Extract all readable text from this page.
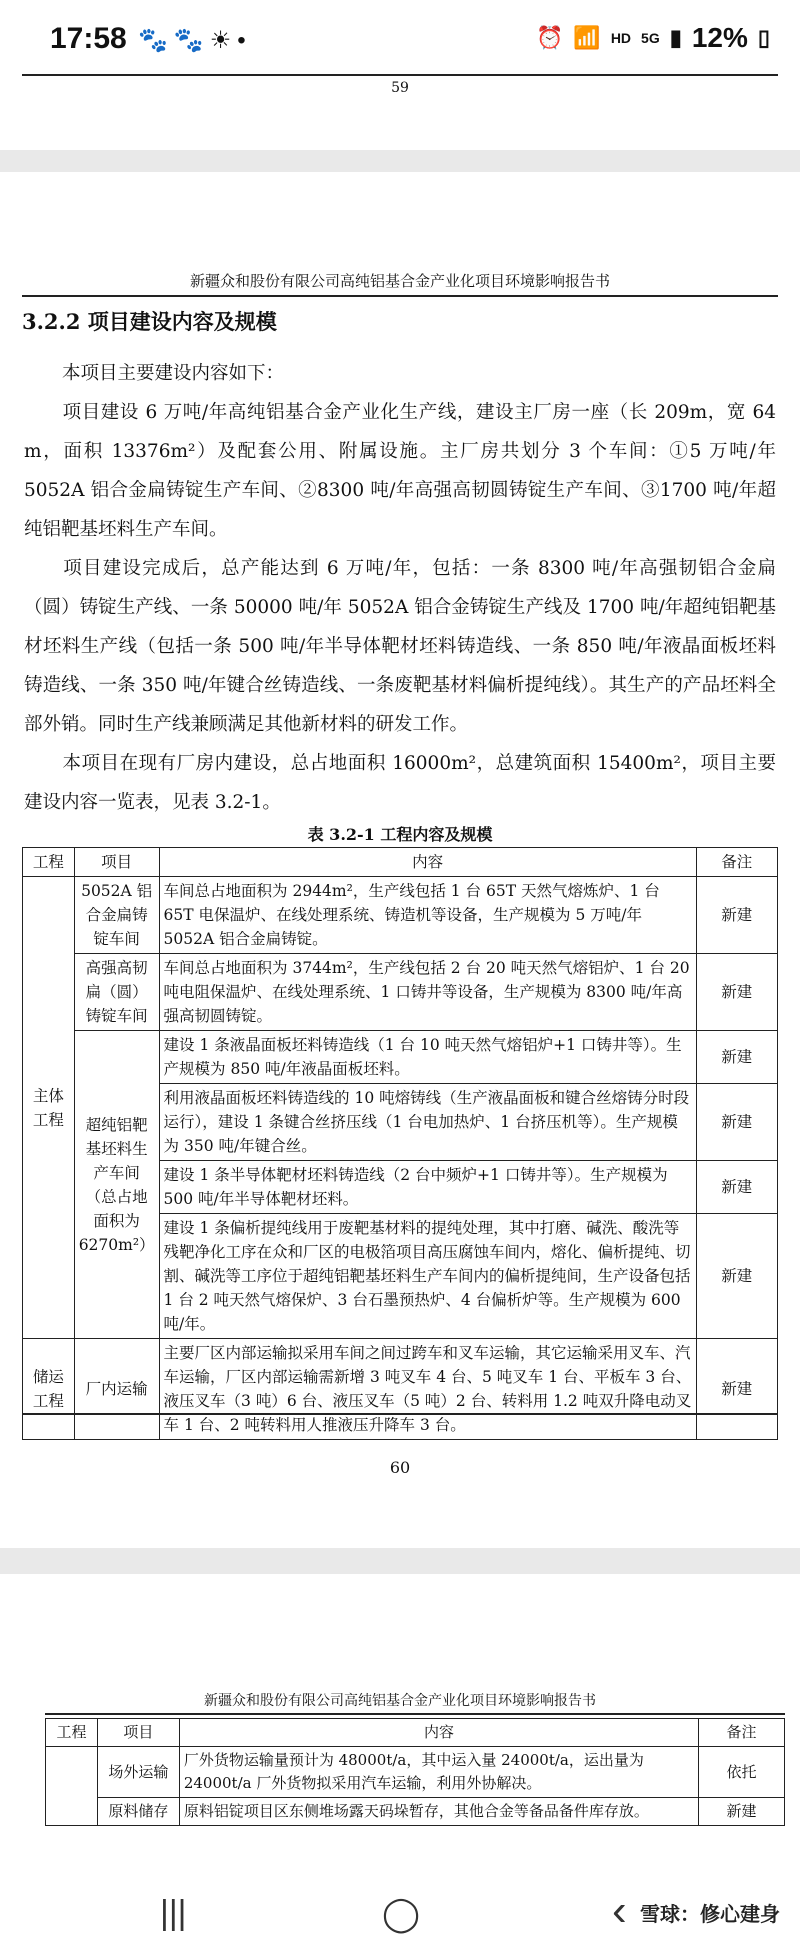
17:58 🐾🐾☀•	⏰ 📶 HD 5G ▮ 12% ▯
59
新疆众和股份有限公司高纯铝基合金产业化项目环境影响报告书
3.2.2 项目建设内容及规模
本项目主要建设内容如下：
项目建设 6 万吨/年高纯铝基合金产业化生产线，建设主厂房一座（长 209m，宽 64 m，面积 13376m²）及配套公用、附属设施。主厂房共划分 3 个车间：①5 万吨/年 5052A 铝合金扁铸锭生产车间、②8300 吨/年高强高韧圆铸锭生产车间、③1700 吨/年超纯铝靶基坯料生产车间。
项目建设完成后，总产能达到 6 万吨/年，包括：一条 8300 吨/年高强韧铝合金扁（圆）铸锭生产线、一条 50000 吨/年 5052A 铝合金铸锭生产线及 1700 吨/年超纯铝靶基材坯料生产线（包括一条 500 吨/年半导体靶材坯料铸造线、一条 850 吨/年液晶面板坯料铸造线、一条 350 吨/年键合丝铸造线、一条废靶基材料偏析提纯线）。其生产的产品坯料全部外销。同时生产线兼顾满足其他新材料的研发工作。
本项目在现有厂房内建设，总占地面积 16000m²，总建筑面积 15400m²，项目主要建设内容一览表，见表 3.2-1。
表 3.2-1 工程内容及规模
工程	项目	内容	备注
主体工程	5052A 铝合金扁铸锭车间	车间总占地面积为 2944m²，生产线包括 1 台 65T 天然气熔炼炉、1 台 65T 电保温炉、在线处理系统、铸造机等设备，生产规模为 5 万吨/年 5052A 铝合金扁铸锭。	新建
	高强高韧扁（圆）铸锭车间	车间总占地面积为 3744m²，生产线包括 2 台 20 吨天然气熔铝炉、1 台 20 吨电阻保温炉、在线处理系统、1 口铸井等设备，生产规模为 8300 吨/年高强高韧圆铸锭。	新建
	超纯铝靶基坯料生产车间（总占地面积为 6270m²）	建设 1 条液晶面板坯料铸造线（1 台 10 吨天然气熔铝炉+1 口铸井等）。生产规模为 850 吨/年液晶面板坯料。	新建
		利用液晶面板坯料铸造线的 10 吨熔铸线（生产液晶面板和键合丝熔铸分时段运行），建设 1 条键合丝挤压线（1 台电加热炉、1 台挤压机等）。生产规模为 350 吨/年键合丝。	新建
		建设 1 条半导体靶材坯料铸造线（2 台中频炉+1 口铸井等）。生产规模为 500 吨/年半导体靶材坯料。	新建
		建设 1 条偏析提纯线用于废靶基材料的提纯处理，其中打磨、碱洗、酸洗等残靶净化工序在众和厂区的电极箔项目高压腐蚀车间内，熔化、偏析提纯、切割、碱洗等工序位于超纯铝靶基坯料生产车间内的偏析提纯间，生产设备包括 1 台 2 吨天然气熔保炉、3 台石墨预热炉、4 台偏析炉等。生产规模为 600 吨/年。	新建
储运工程	厂内运输	主要厂区内部运输拟采用车间之间过跨车和叉车运输，其它运输采用叉车、汽车运输，厂区内部运输需新增 3 吨叉车 4 台、5 吨叉车 1 台、平板车 3 台、液压叉车（3 吨）6 台、液压叉车（5 吨）2 台、转料用 1.2 吨双升降电动叉车 1 台、2 吨转料用人推液压升降车 3 台。	新建
60
新疆众和股份有限公司高纯铝基合金产业化项目环境影响报告书
工程	项目	内容	备注
	场外运输	厂外货物运输量预计为 48000t/a，其中运入量 24000t/a，运出量为 24000t/a 厂外货物拟采用汽车运输，利用外协解决。	依托
	原料储存	原料铝锭项目区东侧堆场露天码垛暂存，其他合金等备品备件库存放。	新建
|||	◯	‹ 雪球：修心建身
